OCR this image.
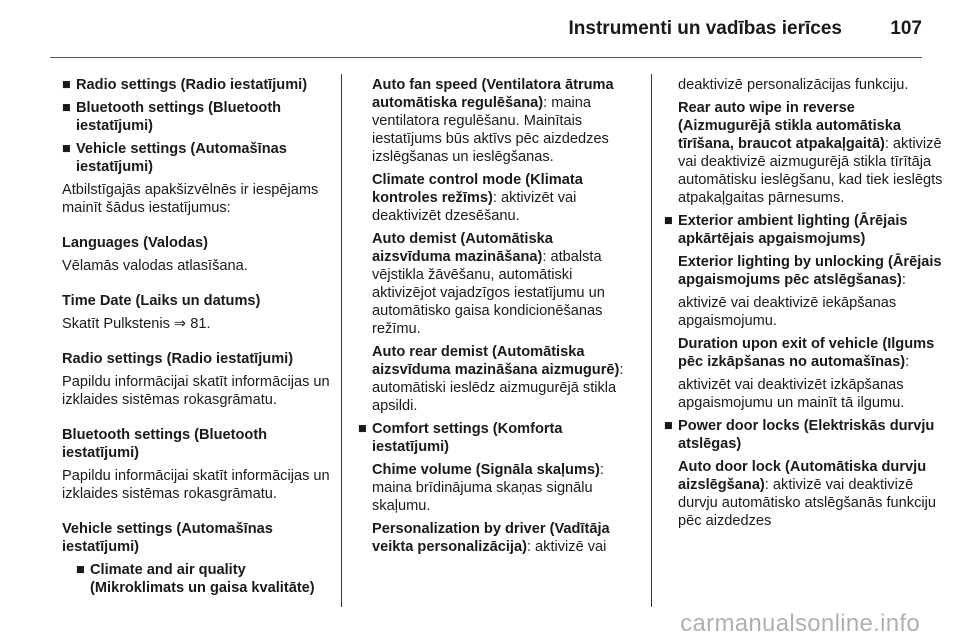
Instrumenti un vadības ierīces	107
■ Radio settings (Radio iestatījumi)
■ Bluetooth settings (Bluetooth iestatījumi)
■ Vehicle settings (Automašīnas iestatījumi)

Atbilstīgajās apakšizvēlnēs ir iespējams mainīt šādus iestatījumus:

Languages (Valodas)

Vēlamās valodas atlasīšana.

Time Date (Laiks un datums)

Skatīt Pulkstenis ⇒ 81.

Radio settings (Radio iestatījumi)

Papildu informācijai skatīt informācijas un izklaides sistēmas rokasgrāmatu.

Bluetooth settings (Bluetooth iestatījumi)

Papildu informācijai skatīt informācijas un izklaides sistēmas rokasgrāmatu.

Vehicle settings (Automašīnas iestatījumi)

■ Climate and air quality (Mikroklimats un gaisa kvalitāte)

Auto fan speed (Ventilatora ātruma automātiska regulēšana): maina ventilatora regulēšanu. Mainītais iestatījums būs aktīvs pēc aizdedzes izslēgšanas un ieslēgšanas.

Climate control mode (Klimata kontroles režīms): aktivizēt vai deaktivizēt dzesēšanu.

Auto demist (Automātiska aizsvīduma mazināšana): atbalsta vējstikla žāvēšanu, automātiski aktivizējot vajadzīgos iestatījumu un automātisko gaisa kondicionēšanas režīmu.

Auto rear demist (Automātiska aizsvīduma mazināšana aizmugurē): automātiski ieslēdz aizmugurējā stikla apsildi.

■ Comfort settings (Komforta iestatījumi)

Chime volume (Signāla skaļums): maina brīdinājuma skaņas signālu skaļumu.

Personalization by driver (Vadītāja veikta personalizācija): aktivizē vai

deaktivizē personalizācijas funkciju.

Rear auto wipe in reverse (Aizmugurējā stikla automātiska tīrīšana, braucot atpakaļgaitā): aktivizē vai deaktivizē aizmugurējā stikla tīrītāja automātisku ieslēgšanu, kad tiek ieslēgts atpakaļgaitas pārnesums.

■ Exterior ambient lighting (Ārējais apkārtējais apgaismojums)

Exterior lighting by unlocking (Ārējais apgaismojums pēc atslēgšanas):

aktivizē vai deaktivizē iekāpšanas apgaismojumu.

Duration upon exit of vehicle (Ilgums pēc izkāpšanas no automašīnas):

aktivizēt vai deaktivizēt izkāpšanas apgaismojumu un mainīt tā ilgumu.

■ Power door locks (Elektriskās durvju atslēgas)

Auto door lock (Automātiska durvju aizslēgšana): aktivizē vai deaktivizē durvju automātisko atslēgšanās funkciju pēc aizdedzes

carmanualsonline.info
